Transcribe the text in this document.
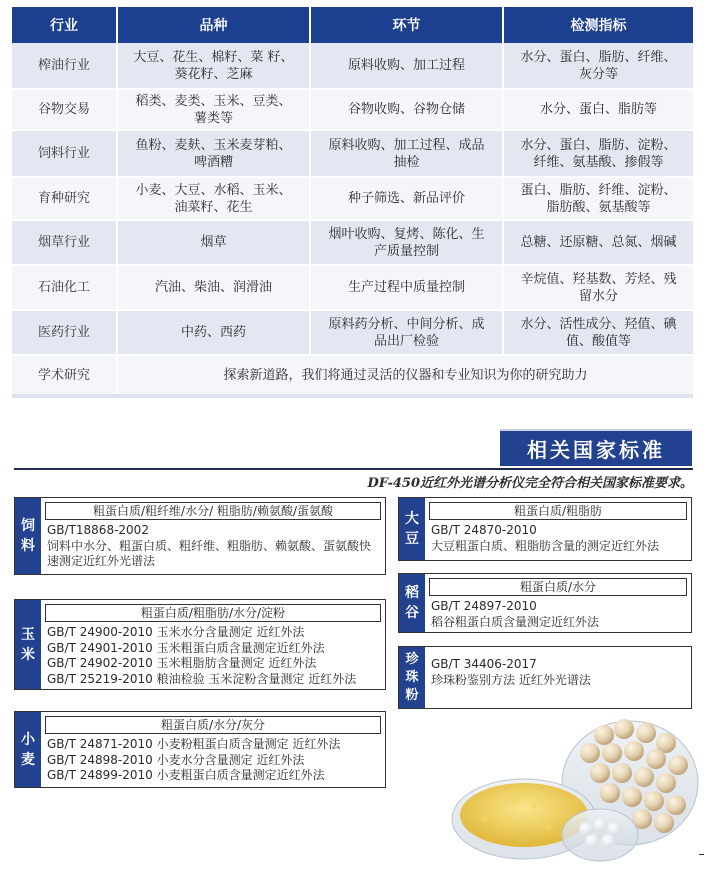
行业	品种	环节	检测指标
榨油行业	大豆、花生、棉籽、菜 籽、葵花籽、芝麻	原料收购、加工过程	水分、蛋白、脂肪、纤维、灰分等
谷物交易	稻类、麦类、玉米、豆类、薯类等	谷物收购、谷物仓储	水分、蛋白、脂肪等
饲料行业	鱼粉、麦麸、玉米麦芽粕、啤酒糟	原料收购、加工过程、成品抽检	水分、蛋白、脂肪、淀粉、纤维、氨基酸、掺假等
育种研究	小麦、大豆、水稻、玉米、油菜籽、花生	种子筛选、新品评价	蛋白、脂肪、纤维、淀粉、脂肪酸、氨基酸等
烟草行业	烟草	烟叶收购、复烤、陈化、生产质量控制	总糖、还原糖、总氮、烟碱
石油化工	汽油、柴油、润滑油	生产过程中质量控制	辛烷值、羟基数、芳烃、残留水分
医药行业	中药、西药	原料药分析、中间分析、成品出厂检验	水分、活性成分、羟值、碘值、酸值等
学术研究	探索新道路，我们将通过灵活的仪器和专业知识为你的研究助力		
相关国家标准
DF-450近红外光谱分析仪完全符合相关国家标准要求。
饲
料
粗蛋白质/粗纤维/水分/ 粗脂肪/赖氨酸/蛋氨酸
GB/T18868-2002
饲料中水分、粗蛋白质、粗纤维、粗脂肪、赖氨酸、蛋氨酸快速测定近红外光谱法
玉
米
粗蛋白质/粗脂肪/水分/淀粉
GB/T 24900-2010 玉米水分含量测定 近红外法
GB/T 24901-2010 玉米粗蛋白质含量测定近红外法
GB/T 24902-2010 玉米粗脂肪含量测定 近红外法
GB/T 25219-2010 粮油检验 玉米淀粉含量测定 近红外法
小
麦
粗蛋白质/水分/灰分
GB/T 24871-2010 小麦粉粗蛋白质含量测定 近红外法
GB/T 24898-2010 小麦水分含量测定 近红外法
GB/T 24899-2010 小麦粗蛋白质含量测定近红外法
大
豆
粗蛋白质/粗脂肪
GB/T 24870-2010
大豆粗蛋白质、粗脂肪含量的测定近红外法
稻
谷
粗蛋白质/水分
GB/T 24897-2010
稻谷粗蛋白质含量测定近红外法
珍
珠
粉
GB/T 34406-2017
珍珠粉鉴别方法 近红外光谱法
